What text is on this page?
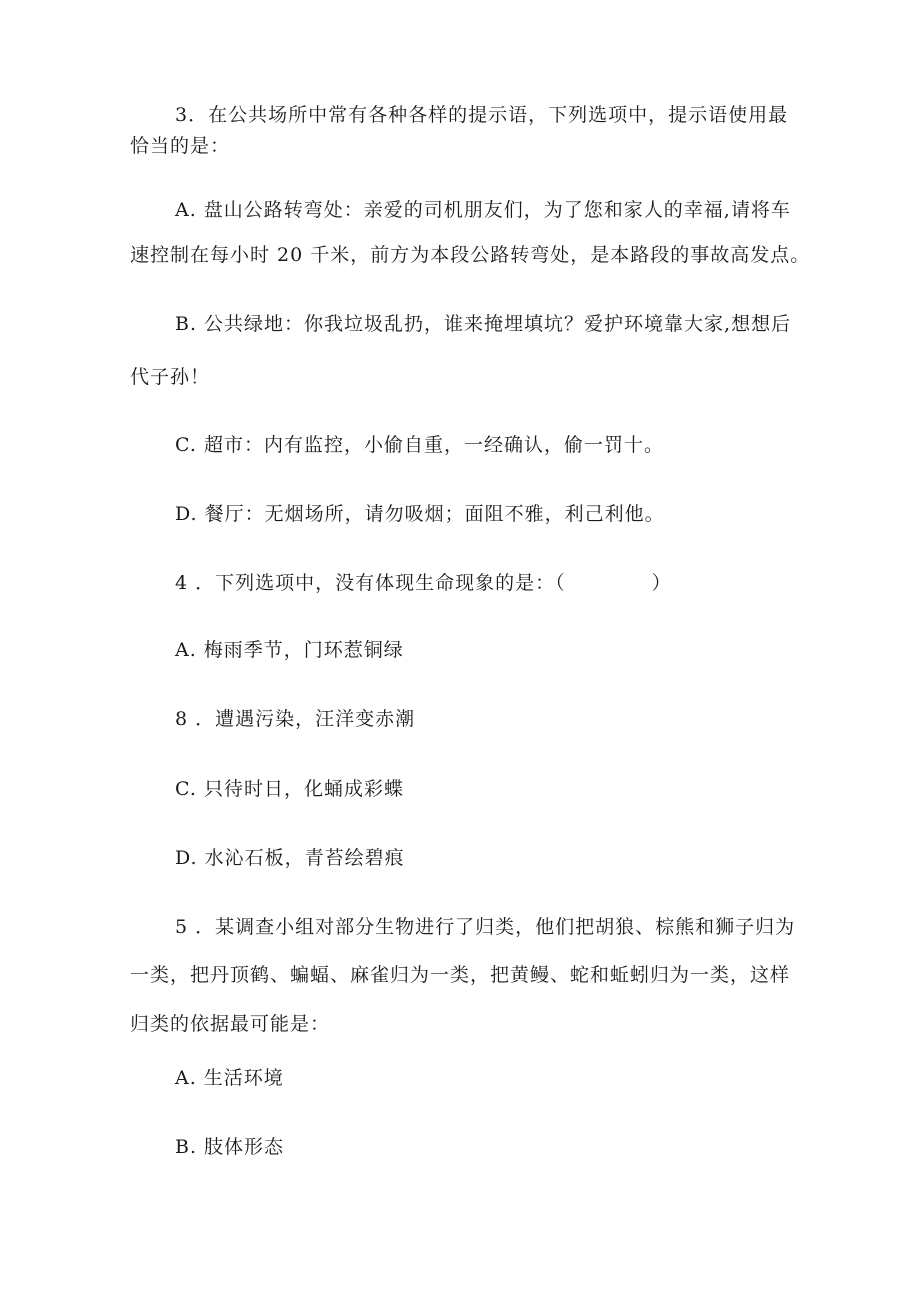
3．在公共场所中常有各种各样的提示语，下列选项中，提示语使用最
恰当的是：
A. 盘山公路转弯处：亲爱的司机朋友们，为了您和家人的幸福,请将车
速控制在每小时 20 千米，前方为本段公路转弯处，是本路段的事故高发点。
B. 公共绿地：你我垃圾乱扔，谁来掩埋填坑？爱护环境靠大家,想想后
代子孙！
C. 超市：内有监控，小偷自重，一经确认，偷一罚十。
D. 餐厅：无烟场所，请勿吸烟；面阻不雅，利己利他。
4 ．下列选项中，没有体现生命现象的是：（	）
A. 梅雨季节，门环惹铜绿
8 ．遭遇污染，汪洋变赤潮
C. 只待时日，化蛹成彩蝶
D. 水沁石板，青苔绘碧痕
5 ．某调查小组对部分生物进行了归类，他们把胡狼、棕熊和狮子归为
一类，把丹顶鹤、蝙蝠、麻雀归为一类，把黄鳗、蛇和蚯蚓归为一类，这样
归类的依据最可能是：
A. 生活环境
B. 肢体形态
